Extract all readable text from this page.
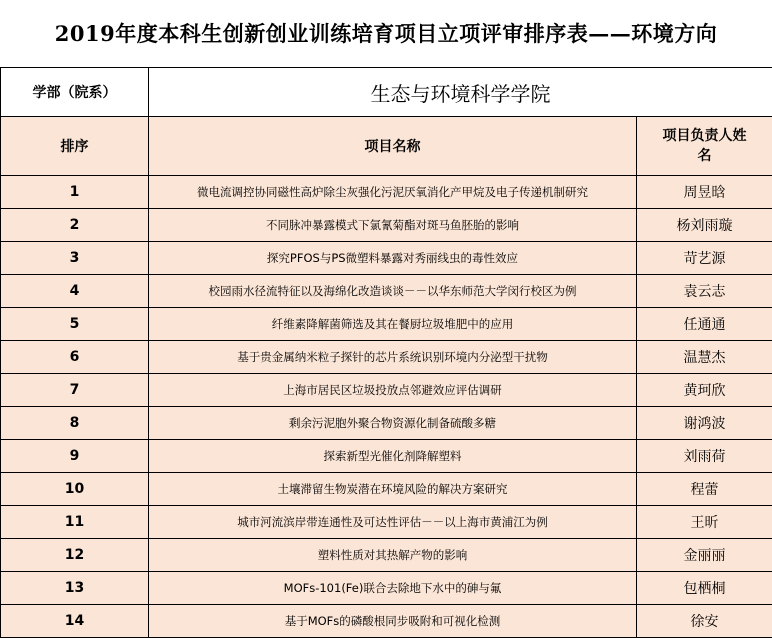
2019年度本科生创新创业训练培育项目立项评审排序表——环境方向
学部（院系）	生态与环境科学学院	
排序	项目名称	项目负责人姓名
1	微电流调控协同磁性高炉除尘灰强化污泥厌氧消化产甲烷及电子传递机制研究	周昱晗
2	不同脉冲暴露模式下氯氰菊酯对斑马鱼胚胎的影响	杨刘雨璇
3	探究PFOS与PS微塑料暴露对秀丽线虫的毒性效应	苛艺源
4	校园雨水径流特征以及海绵化改造谈谈－－以华东师范大学闵行校区为例	袁云志
5	纤维素降解菌筛选及其在餐厨垃圾堆肥中的应用	任通通
6	基于贵金属纳米粒子探针的芯片系统识别环境内分泌型干扰物	温慧杰
7	上海市居民区垃圾投放点邻避效应评估调研	黄珂欣
8	剩余污泥胞外聚合物资源化制备硫酸多糖	谢鸿波
9	探索新型光催化剂降解塑料	刘雨荷
10	土壤滞留生物炭潜在环境风险的解决方案研究	程蕾
11	城市河流滨岸带连通性及可达性评估－－以上海市黄浦江为例	王昕
12	塑料性质对其热解产物的影响	金丽丽
13	MOFs-101(Fe)联合去除地下水中的砷与氟	包栖桐
14	基于MOFs的磷酸根同步吸附和可视化检测	徐安
